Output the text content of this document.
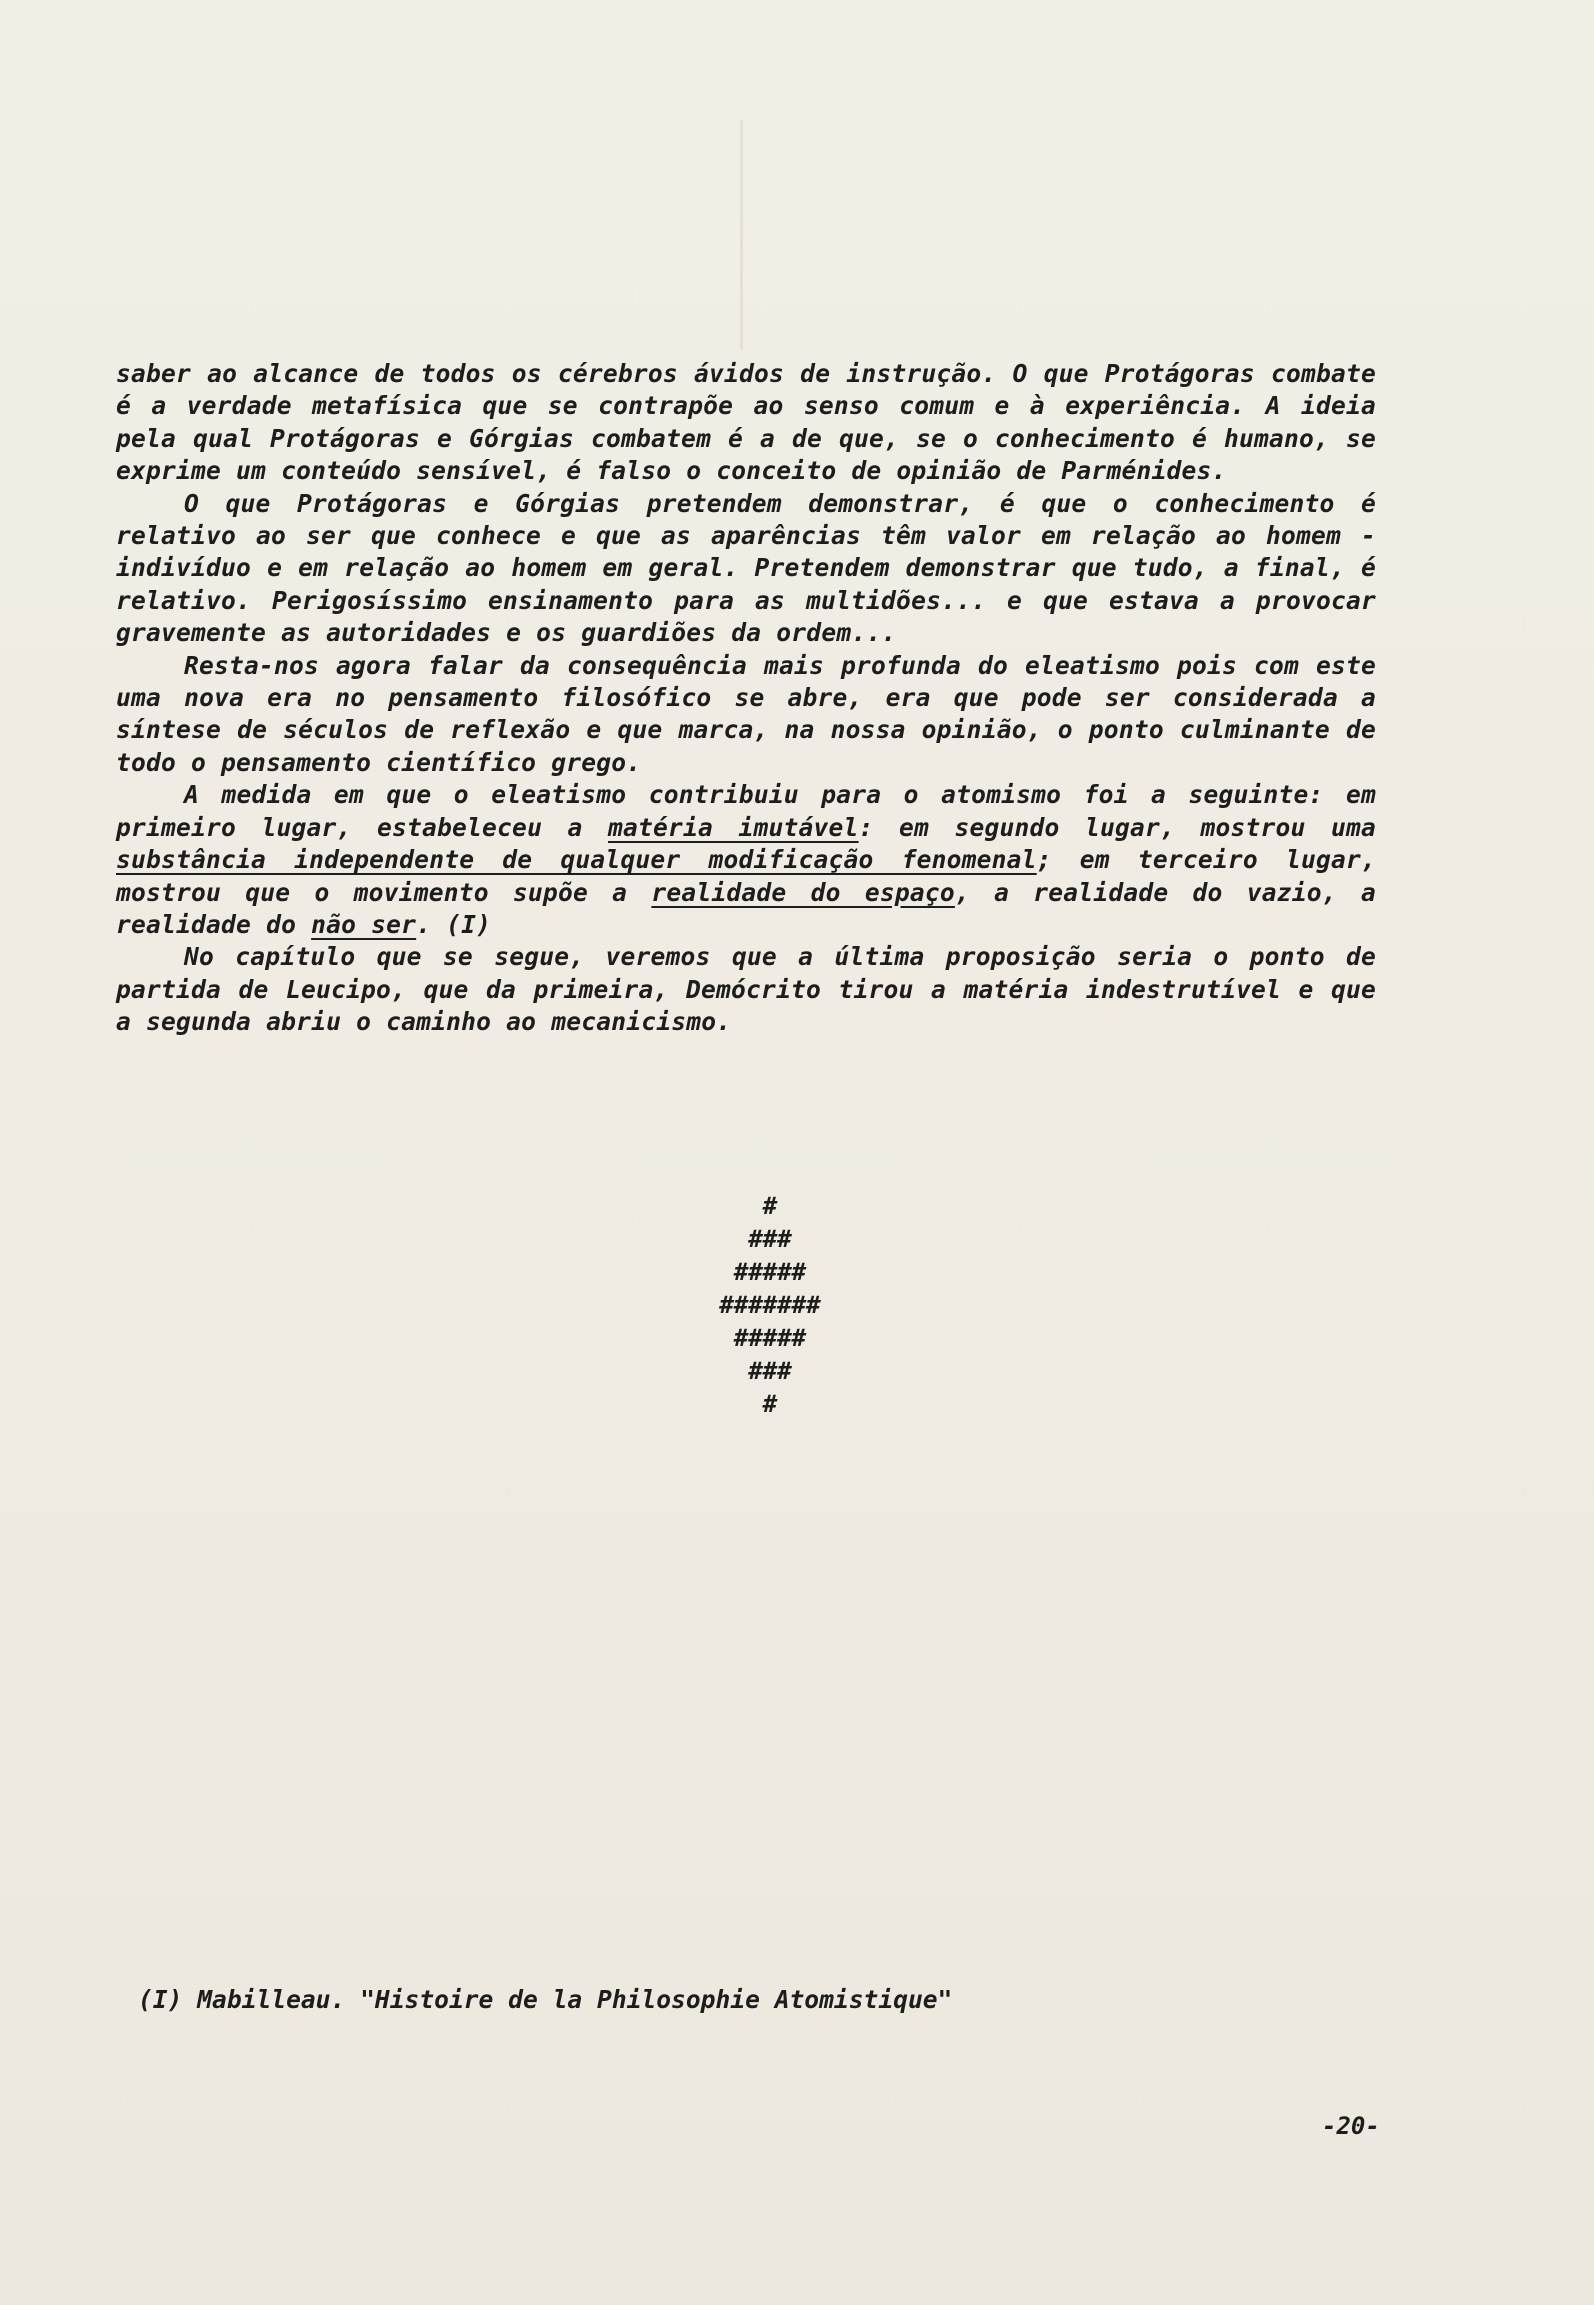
saber ao alcance de todos os cérebros ávidos de instrução. O que Protágoras combate é a verdade metafísica que se contrapõe ao senso comum e à experiência. A ideia pela qual Protágoras e Górgias combatem é a de que, se o conhecimento é humano, se exprime um conteúdo sensível, é falso o conceito de opinião de Parménides.

O que Protágoras e Górgias pretendem demonstrar, é que o conhecimento é relativo ao ser que conhece e que as aparências têm valor em relação ao homem - indivíduo e em relação ao homem em geral. Pretendem demonstrar que tudo, a final, é relativo. Perigosíssimo ensinamento para as multidões... e que estava a provocar gravemente as autoridades e os guardiões da ordem...

Resta-nos agora falar da consequência mais profunda do eleatismo pois com este uma nova era no pensamento filosófico se abre, era que pode ser considerada a síntese de séculos de reflexão e que marca, na nossa opinião, o ponto culminante de todo o pensamento científico grego.

A medida em que o eleatismo contribuiu para o atomismo foi a seguinte: em primeiro lugar, estabeleceu a matéria imutável: em segundo lugar, mostrou uma substância independente de qualquer modificação fenomenal; em terceiro lugar, mostrou que o movimento supõe a realidade do espaço, a realidade do vazio, a realidade do não ser. (I)

No capítulo que se segue, veremos que a última proposição seria o ponto de partida de Leucipo, que da primeira, Demócrito tirou a matéria indestrutível e que a segunda abriu o caminho ao mecanicismo.

#
###
#####
#######
#####
###
#
(I) Mabilleau. "Histoire de la Philosophie Atomistique"
-20-
